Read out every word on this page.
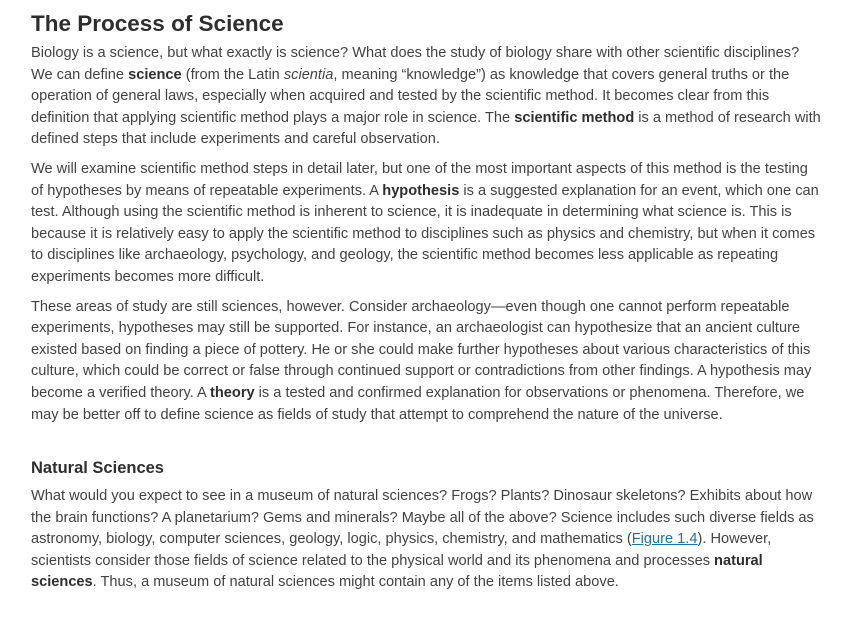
The Process of Science

Biology is a science, but what exactly is science? What does the study of biology share with other scientific disciplines? We can define science (from the Latin scientia, meaning “knowledge”) as knowledge that covers general truths or the operation of general laws, especially when acquired and tested by the scientific method. It becomes clear from this definition that applying scientific method plays a major role in science. The scientific method is a method of research with defined steps that include experiments and careful observation.

We will examine scientific method steps in detail later, but one of the most important aspects of this method is the testing of hypotheses by means of repeatable experiments. A hypothesis is a suggested explanation for an event, which one can test. Although using the scientific method is inherent to science, it is inadequate in determining what science is. This is because it is relatively easy to apply the scientific method to disciplines such as physics and chemistry, but when it comes to disciplines like archaeology, psychology, and geology, the scientific method becomes less applicable as repeating experiments becomes more difficult.

These areas of study are still sciences, however. Consider archaeology—even though one cannot perform repeatable experiments, hypotheses may still be supported. For instance, an archaeologist can hypothesize that an ancient culture existed based on finding a piece of pottery. He or she could make further hypotheses about various characteristics of this culture, which could be correct or false through continued support or contradictions from other findings. A hypothesis may become a verified theory. A theory is a tested and confirmed explanation for observations or phenomena. Therefore, we may be better off to define science as fields of study that attempt to comprehend the nature of the universe.

Natural Sciences

What would you expect to see in a museum of natural sciences? Frogs? Plants? Dinosaur skeletons? Exhibits about how the brain functions? A planetarium? Gems and minerals? Maybe all of the above? Science includes such diverse fields as astronomy, biology, computer sciences, geology, logic, physics, chemistry, and mathematics (Figure 1.4). However, scientists consider those fields of science related to the physical world and its phenomena and processes natural sciences. Thus, a museum of natural sciences might contain any of the items listed above.
